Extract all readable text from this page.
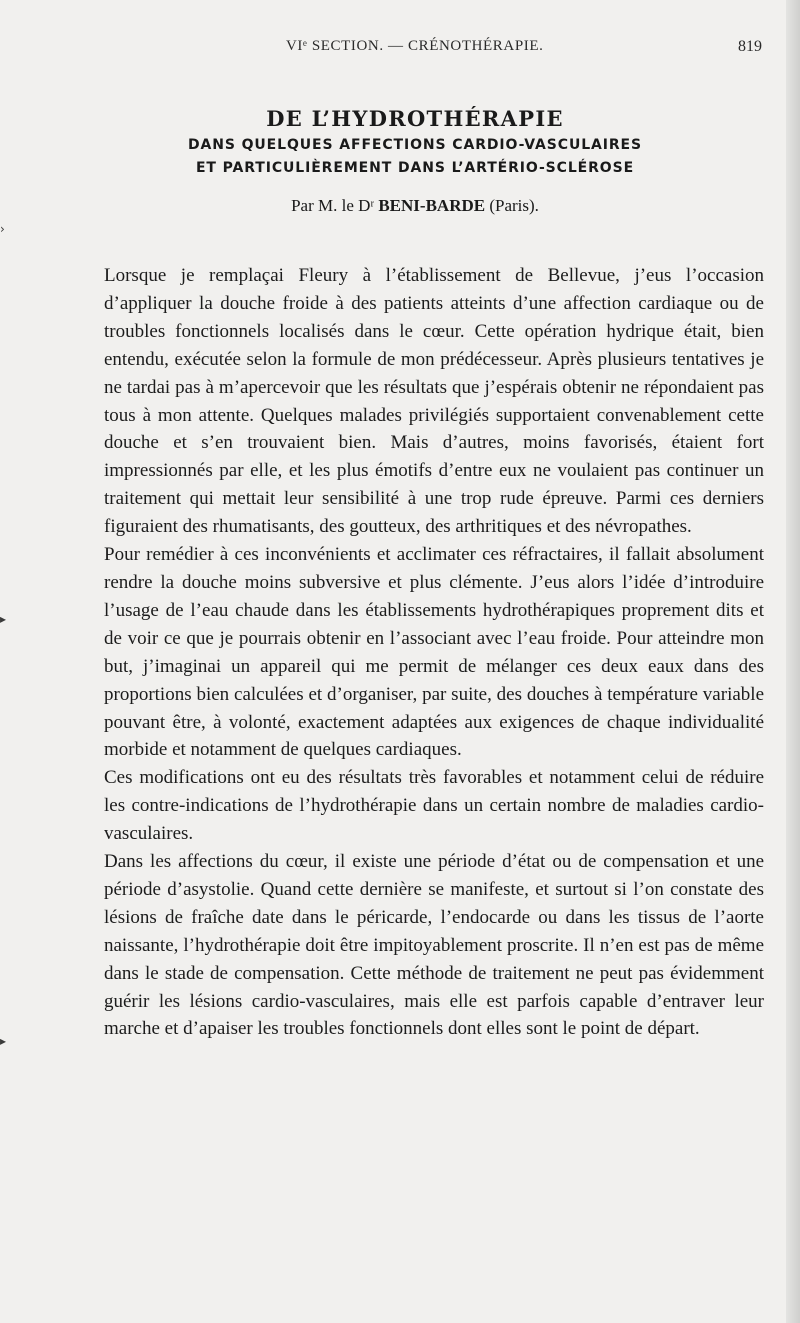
›
▸
▸
VIᵉ SECTION. — CRÉNOTHÉRAPIE.	819
DE L’HYDROTHÉRAPIE
DANS QUELQUES AFFECTIONS CARDIO-VASCULAIRES
ET PARTICULIÈREMENT DANS L’ARTÉRIO-SCLÉROSE
Par M. le Dʳ BENI-BARDE (Paris).

Lorsque je remplaçai Fleury à l’établissement de Bellevue, j’eus l’occasion d’appliquer la douche froide à des patients atteints d’une affection cardiaque ou de troubles fonctionnels localisés dans le cœur. Cette opération hydrique était, bien entendu, exécutée selon la formule de mon prédécesseur. Après plusieurs tentatives je ne tardai pas à m’apercevoir que les résultats que j’espérais obtenir ne répondaient pas tous à mon attente. Quelques malades privilégiés supportaient convenablement cette douche et s’en trouvaient bien. Mais d’autres, moins favorisés, étaient fort impressionnés par elle, et les plus émotifs d’entre eux ne voulaient pas continuer un traitement qui mettait leur sensibilité à une trop rude épreuve. Parmi ces derniers figuraient des rhumatisants, des goutteux, des arthritiques et des névropathes.

Pour remédier à ces inconvénients et acclimater ces réfractaires, il fallait absolument rendre la douche moins subversive et plus clémente. J’eus alors l’idée d’introduire l’usage de l’eau chaude dans les établissements hydrothérapiques proprement dits et de voir ce que je pourrais obtenir en l’associant avec l’eau froide. Pour atteindre mon but, j’imaginai un appareil qui me permit de mélanger ces deux eaux dans des proportions bien calculées et d’organiser, par suite, des douches à température variable pouvant être, à volonté, exactement adaptées aux exigences de chaque individualité morbide et notamment de quelques cardiaques.

Ces modifications ont eu des résultats très favorables et notamment celui de réduire les contre-indications de l’hydrothérapie dans un certain nombre de maladies cardio-vasculaires.

Dans les affections du cœur, il existe une période d’état ou de compensation et une période d’asystolie. Quand cette dernière se manifeste, et surtout si l’on constate des lésions de fraîche date dans le péricarde, l’endocarde ou dans les tissus de l’aorte naissante, l’hydrothérapie doit être impitoyablement proscrite. Il n’en est pas de même dans le stade de compensation. Cette méthode de traitement ne peut pas évidemment guérir les lésions cardio-vasculaires, mais elle est parfois capable d’entraver leur marche et d’apaiser les troubles fonctionnels dont elles sont le point de départ.
